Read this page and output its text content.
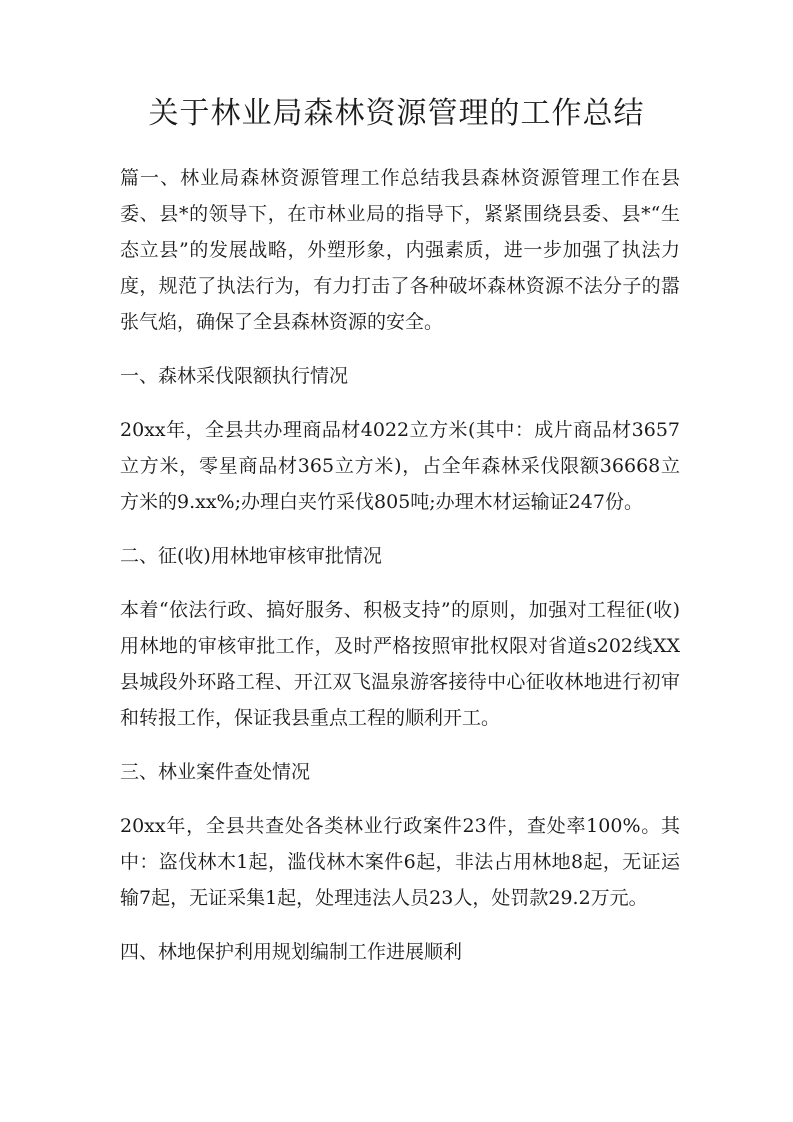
关于林业局森林资源管理的工作总结

篇一、林业局森林资源管理工作总结我县森林资源管理工作在县委、县*的领导下，在市林业局的指导下，紧紧围绕县委、县*“生态立县”的发展战略，外塑形象，内强素质，进一步加强了执法力度，规范了执法行为，有力打击了各种破坏森林资源不法分子的嚣张气焰，确保了全县森林资源的安全。

一、森林采伐限额执行情况

20xx年，全县共办理商品材4022立方米(其中：成片商品材3657立方米，零星商品材365立方米)，占全年森林采伐限额36668立方米的9.xx%;办理白夹竹采伐805吨;办理木材运输证247份。

二、征(收)用林地审核审批情况

本着“依法行政、搞好服务、积极支持”的原则，加强对工程征(收)用林地的审核审批工作，及时严格按照审批权限对省道s202线XX县城段外环路工程、开江双飞温泉游客接待中心征收林地进行初审和转报工作，保证我县重点工程的顺利开工。

三、林业案件查处情况

20xx年，全县共查处各类林业行政案件23件，查处率100%。其中：盗伐林木1起，滥伐林木案件6起，非法占用林地8起，无证运输7起，无证采集1起，处理违法人员23人，处罚款29.2万元。

四、林地保护利用规划编制工作进展顺利
